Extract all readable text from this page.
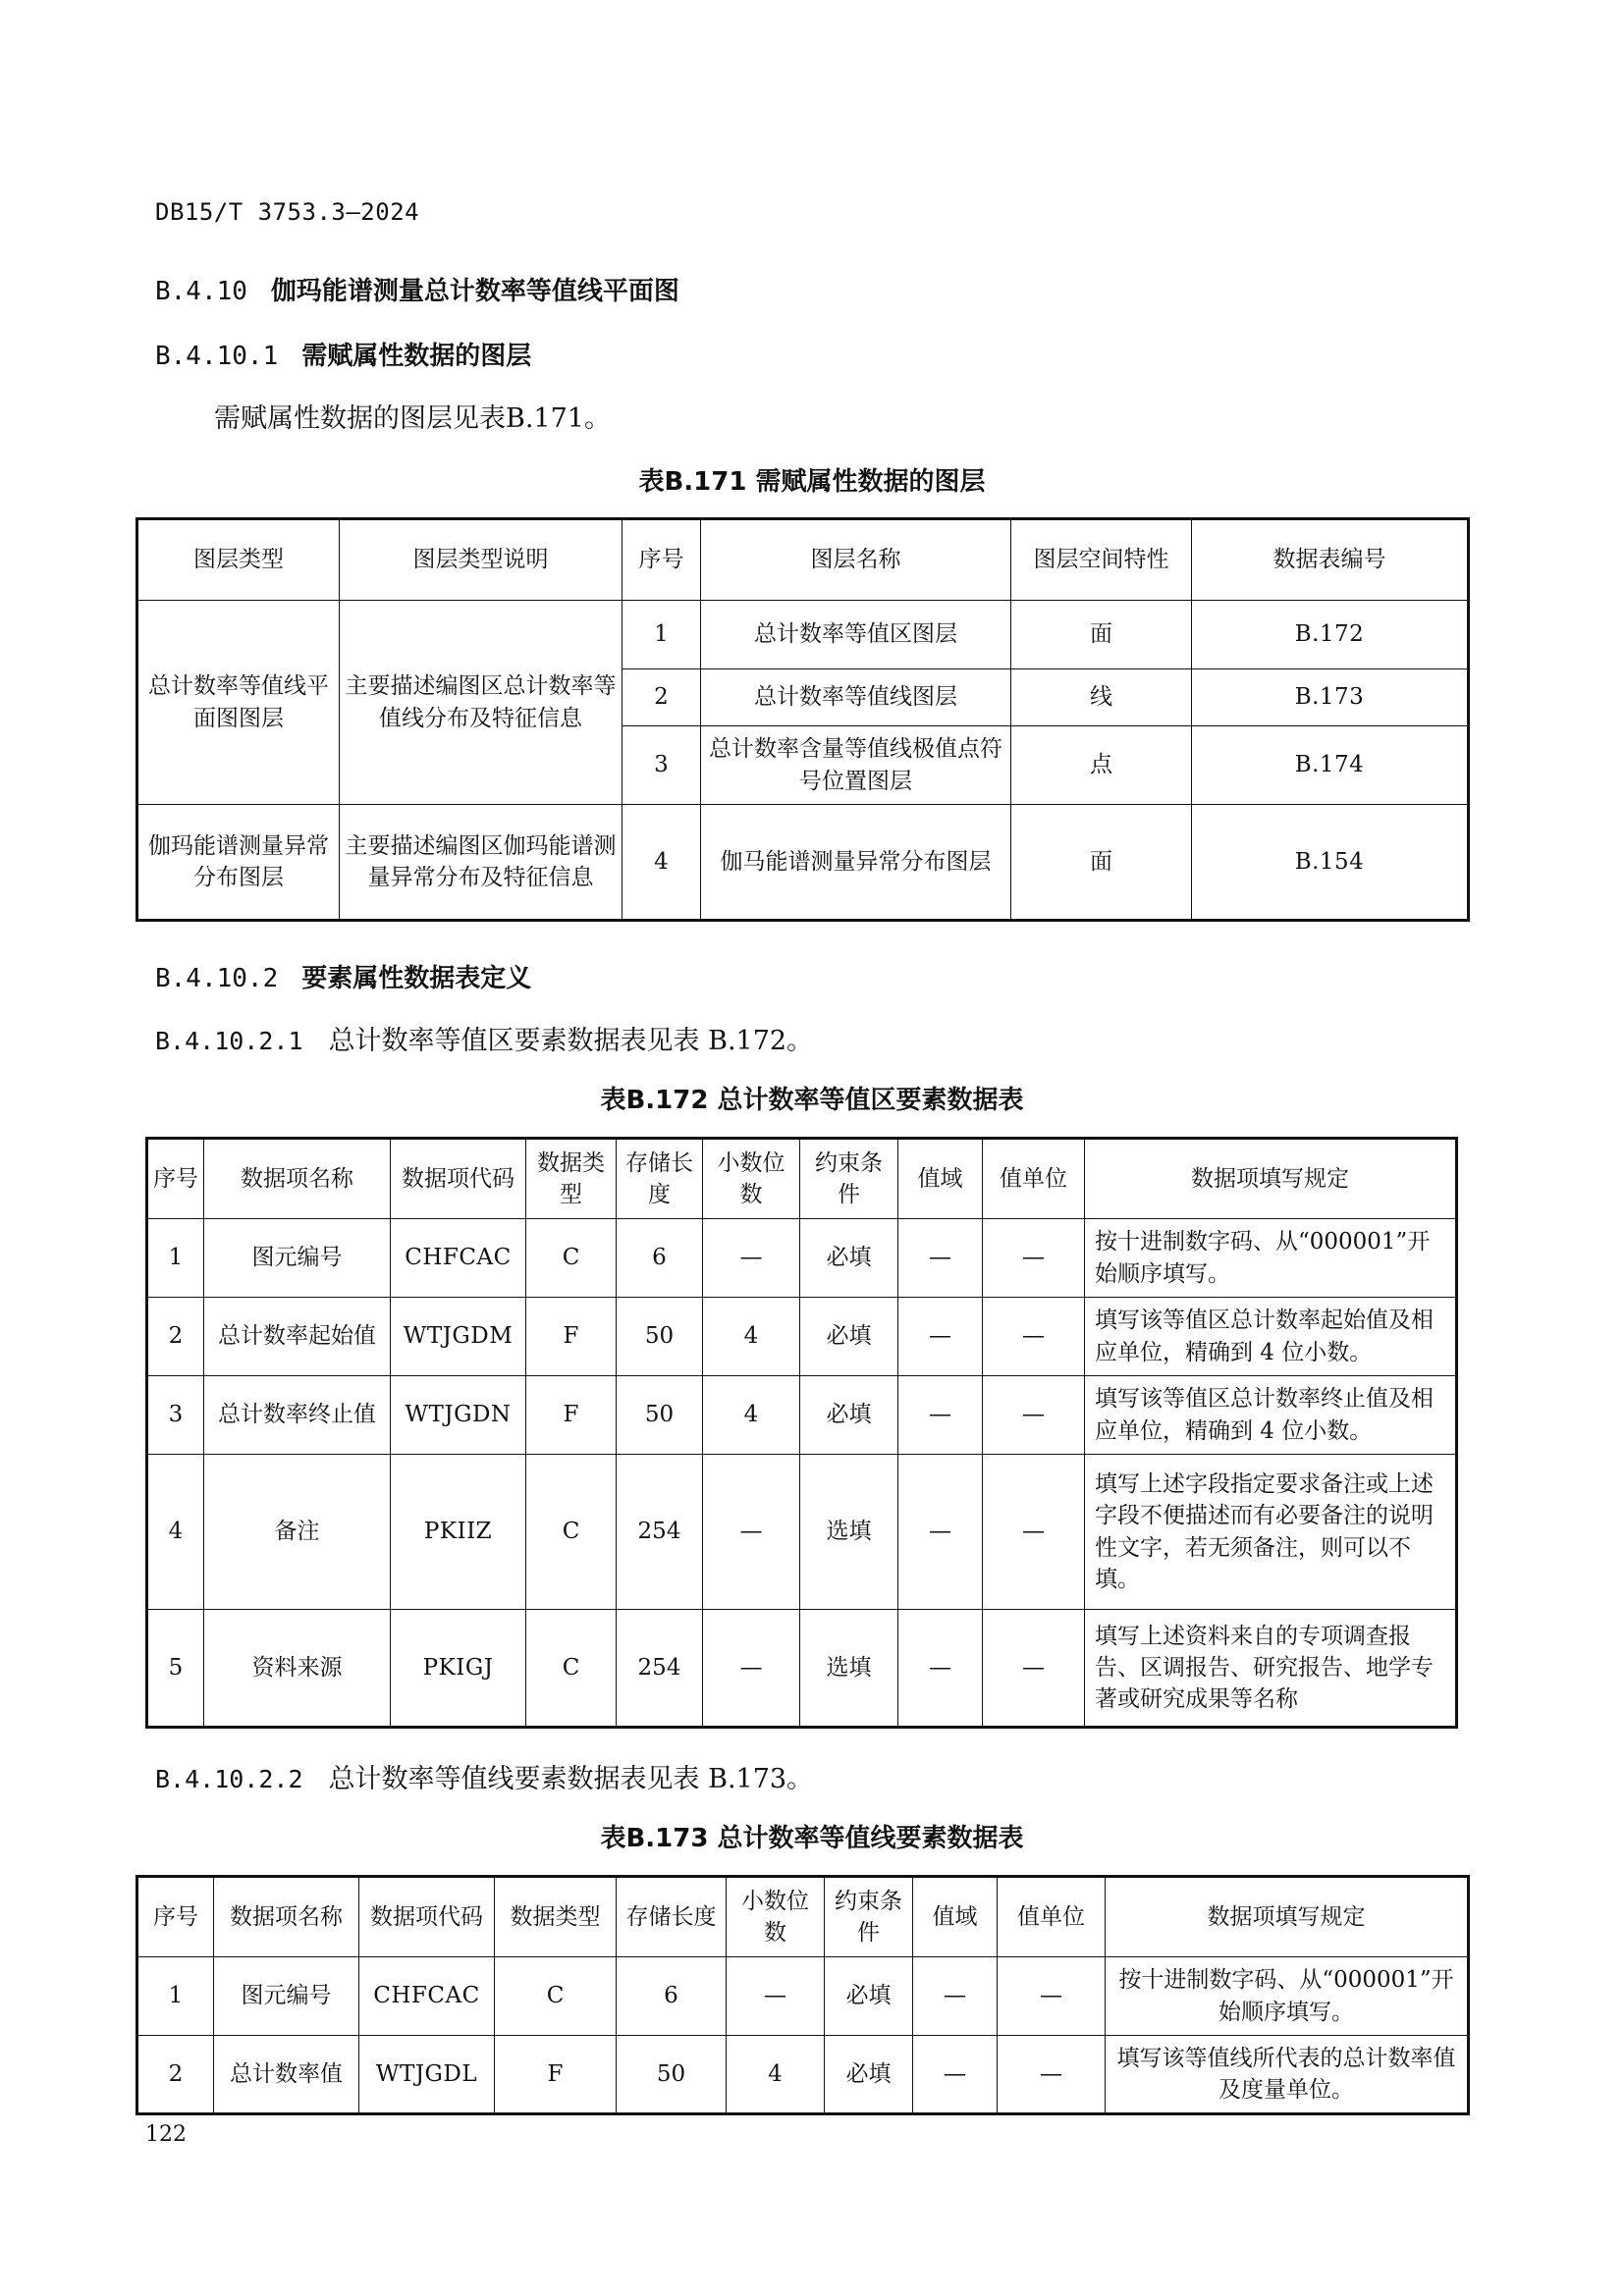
DB15/T 3753.3—2024
B.4.10 伽玛能谱测量总计数率等值线平面图
B.4.10.1 需赋属性数据的图层
需赋属性数据的图层见表B.171。
表B.171 需赋属性数据的图层
图层类型	图层类型说明	序号	图层名称	图层空间特性	数据表编号
总计数率等值线平面图图层	主要描述编图区总计数率等值线分布及特征信息	1	总计数率等值区图层	面	B.172
		2	总计数率等值线图层	线	B.173
		3	总计数率含量等值线极值点符号位置图层	点	B.174
伽玛能谱测量异常分布图层	主要描述编图区伽玛能谱测量异常分布及特征信息	4	伽马能谱测量异常分布图层	面	B.154
B.4.10.2 要素属性数据表定义
B.4.10.2.1 总计数率等值区要素数据表见表 B.172。
表B.172 总计数率等值区要素数据表
序号	数据项名称	数据项代码	数据类型	存储长度	小数位数	约束条件	值域	值单位	数据项填写规定
1	图元编号	CHFCAC	C	6	—	必填	—	—	按十进制数字码、从“000001”开始顺序填写。
2	总计数率起始值	WTJGDM	F	50	4	必填	—	—	填写该等值区总计数率起始值及相应单位，精确到 4 位小数。
3	总计数率终止值	WTJGDN	F	50	4	必填	—	—	填写该等值区总计数率终止值及相应单位，精确到 4 位小数。
4	备注	PKIIZ	C	254	—	选填	—	—	填写上述字段指定要求备注或上述字段不便描述而有必要备注的说明性文字，若无须备注，则可以不填。
5	资料来源	PKIGJ	C	254	—	选填	—	—	填写上述资料来自的专项调查报告、区调报告、研究报告、地学专著或研究成果等名称
B.4.10.2.2 总计数率等值线要素数据表见表 B.173。
表B.173 总计数率等值线要素数据表
序号	数据项名称	数据项代码	数据类型	存储长度	小数位数	约束条件	值域	值单位	数据项填写规定
1	图元编号	CHFCAC	C	6	—	必填	—	—	按十进制数字码、从“000001”开始顺序填写。
2	总计数率值	WTJGDL	F	50	4	必填	—	—	填写该等值线所代表的总计数率值及度量单位。
122
